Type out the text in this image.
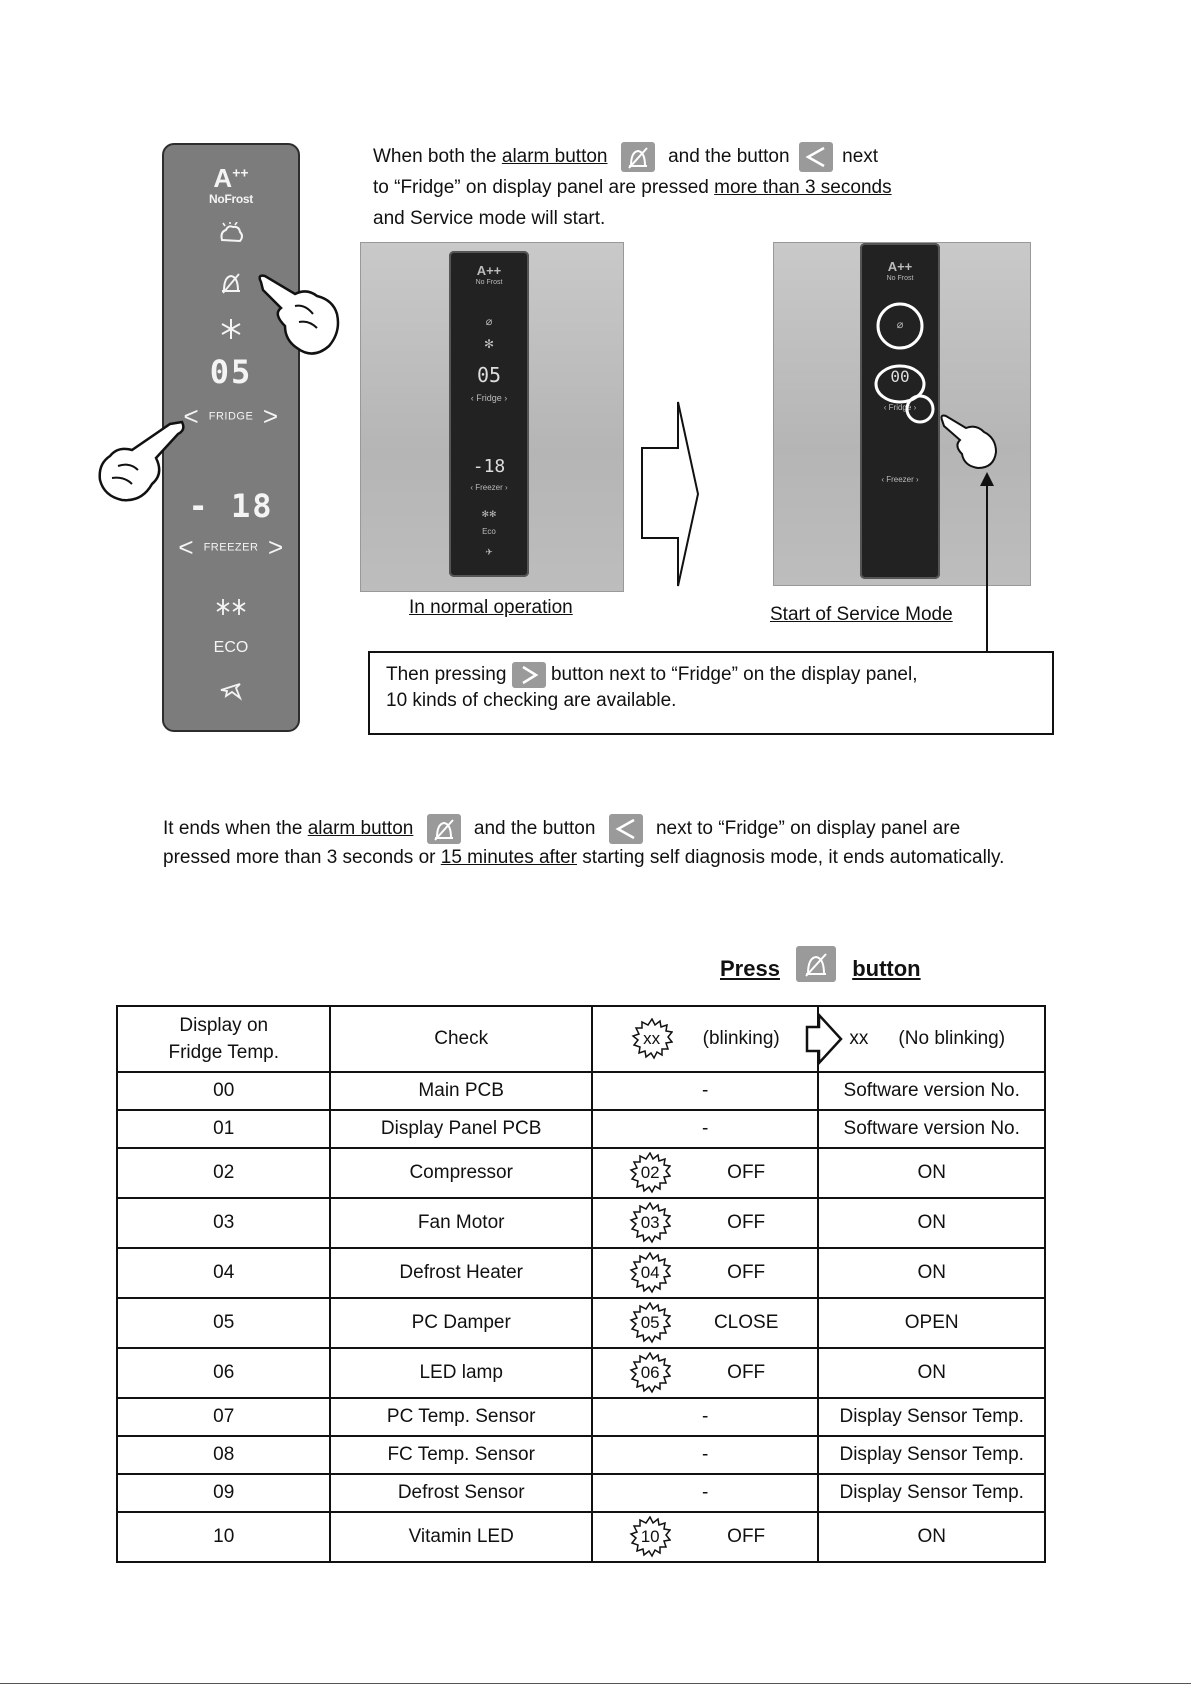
A++
NoFrost
05
< FRIDGE >
- 18
< FREEZER >
ECO
When both the alarm button	and the button  next
to “Fridge” on display panel are pressed more than 3 seconds
and Service mode will start.
A++
No Frost
⌀
✻
05
‹ Fridge ›
-18
‹ Freezer ›
✻✻
Eco
✈
In normal operation
A++
No Frost
⌀
00
‹ Fridge ›
‹ Freezer ›
Start of Service Mode
Then pressing  button next to “Fridge” on the display panel,
10 kinds of checking are available.
It ends when the alarm button	and the button	next to “Fridge” on display panel are
pressed more than 3 seconds or 15 minutes after starting self diagnosis mode, it ends automatically.
Press	button
Display on
Fridge Temp.	Check	xx (blinking)	xx (No blinking)
00	Main PCB	-	Software version No.
01	Display Panel PCB	-	Software version No.
02	Compressor	02 OFF	ON
03	Fan Motor	03 OFF	ON
04	Defrost Heater	04 OFF	ON
05	PC Damper	05 CLOSE	OPEN
06	LED lamp	06 OFF	ON
07	PC Temp. Sensor	-	Display Sensor Temp.
08	FC Temp. Sensor	-	Display Sensor Temp.
09	Defrost Sensor	-	Display Sensor Temp.
10	Vitamin LED	10 OFF	ON
